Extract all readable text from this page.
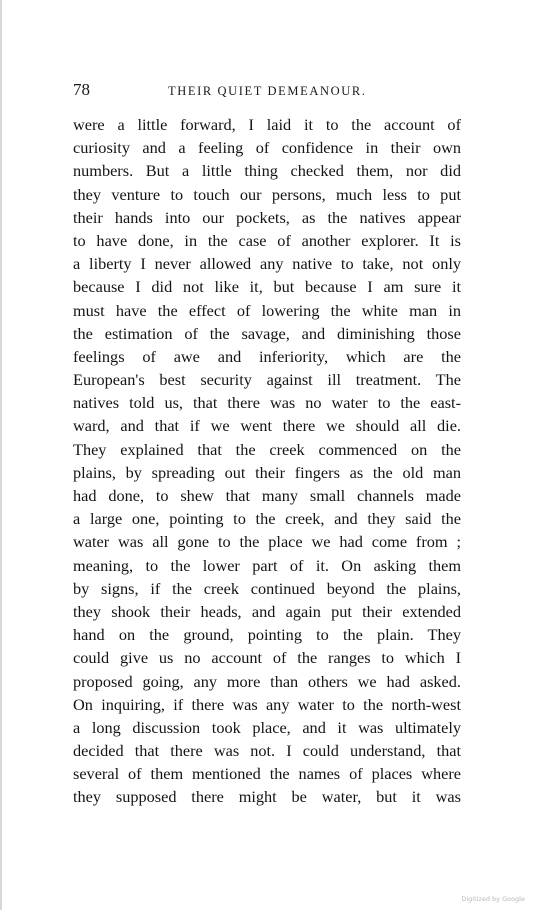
78	THEIR QUIET DEMEANOUR.
were a little forward, I laid it to the account of
curiosity and a feeling of confidence in their own
numbers. But a little thing checked them, nor did
they venture to touch our persons, much less to put
their hands into our pockets, as the natives appear
to have done, in the case of another explorer. It is
a liberty I never allowed any native to take, not only
because I did not like it, but because I am sure it
must have the effect of lowering the white man in
the estimation of the savage, and diminishing those
feelings of awe and inferiority, which are the
European's best security against ill treatment. The
natives told us, that there was no water to the east-
ward, and that if we went there we should all die.
They explained that the creek commenced on the
plains, by spreading out their fingers as the old man
had done, to shew that many small channels made
a large one, pointing to the creek, and they said the
water was all gone to the place we had come from ;
meaning, to the lower part of it. On asking them
by signs, if the creek continued beyond the plains,
they shook their heads, and again put their extended
hand on the ground, pointing to the plain. They
could give us no account of the ranges to which I
proposed going, any more than others we had asked.
On inquiring, if there was any water to the north-west
a long discussion took place, and it was ultimately
decided that there was not. I could understand, that
several of them mentioned the names of places where
they supposed there might be water, but it was
Digitized by Google
